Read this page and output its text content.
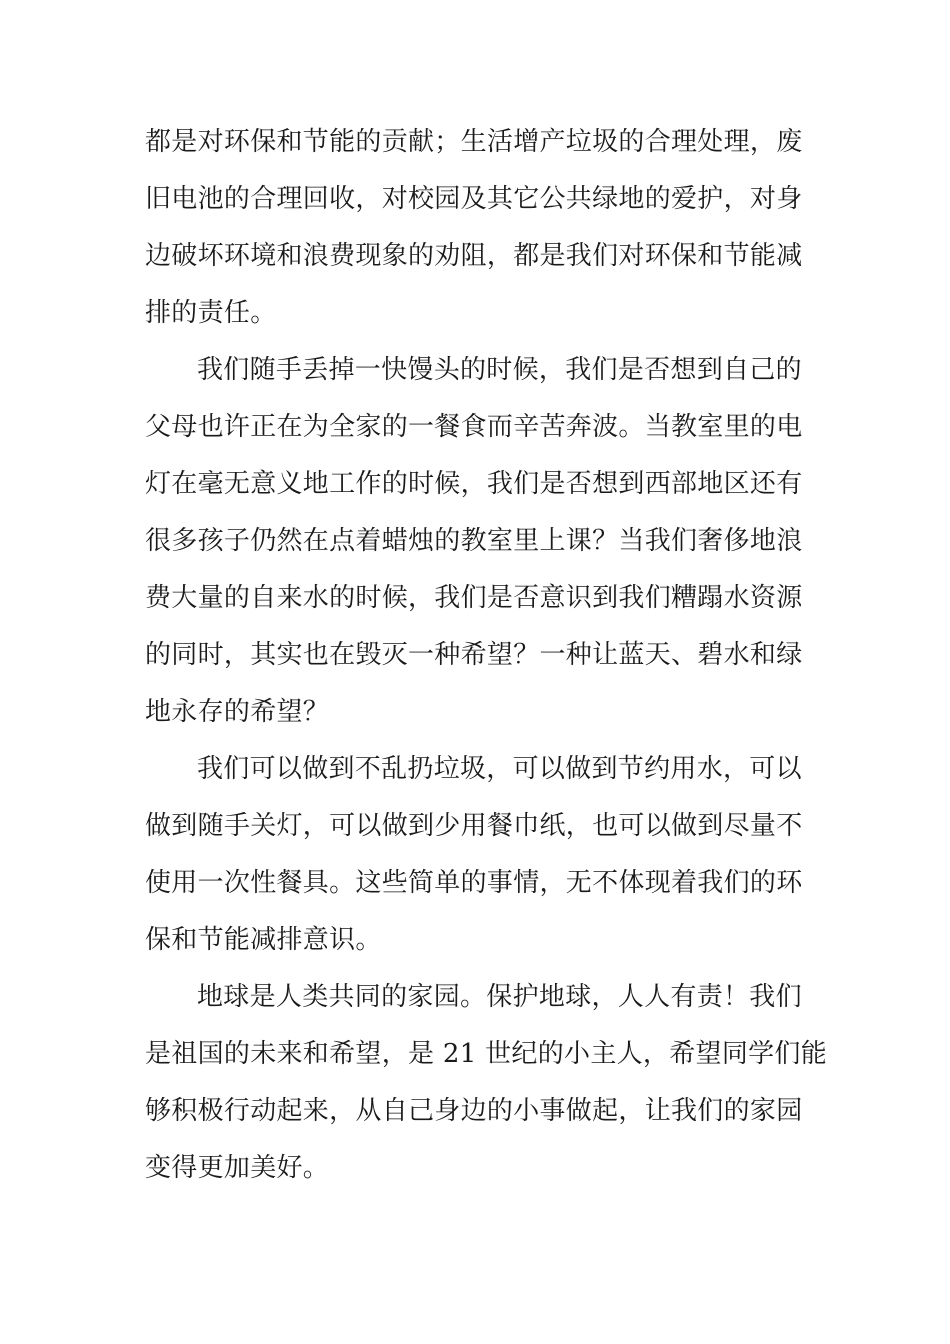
都是对环保和节能的贡献；生活增产垃圾的合理处理，废
旧电池的合理回收，对校园及其它公共绿地的爱护，对身
边破坏环境和浪费现象的劝阻，都是我们对环保和节能减
排的责任。
我们随手丢掉一快馒头的时候，我们是否想到自己的
父母也许正在为全家的一餐食而辛苦奔波。当教室里的电
灯在毫无意义地工作的时候，我们是否想到西部地区还有
很多孩子仍然在点着蜡烛的教室里上课？当我们奢侈地浪
费大量的自来水的时候，我们是否意识到我们糟蹋水资源
的同时，其实也在毁灭一种希望？一种让蓝天、碧水和绿
地永存的希望？
我们可以做到不乱扔垃圾，可以做到节约用水，可以
做到随手关灯，可以做到少用餐巾纸，也可以做到尽量不
使用一次性餐具。这些简单的事情，无不体现着我们的环
保和节能减排意识。
地球是人类共同的家园。保护地球，人人有责！我们
是祖国的未来和希望，是 21 世纪的小主人，希望同学们能
够积极行动起来，从自己身边的小事做起，让我们的家园
变得更加美好。
